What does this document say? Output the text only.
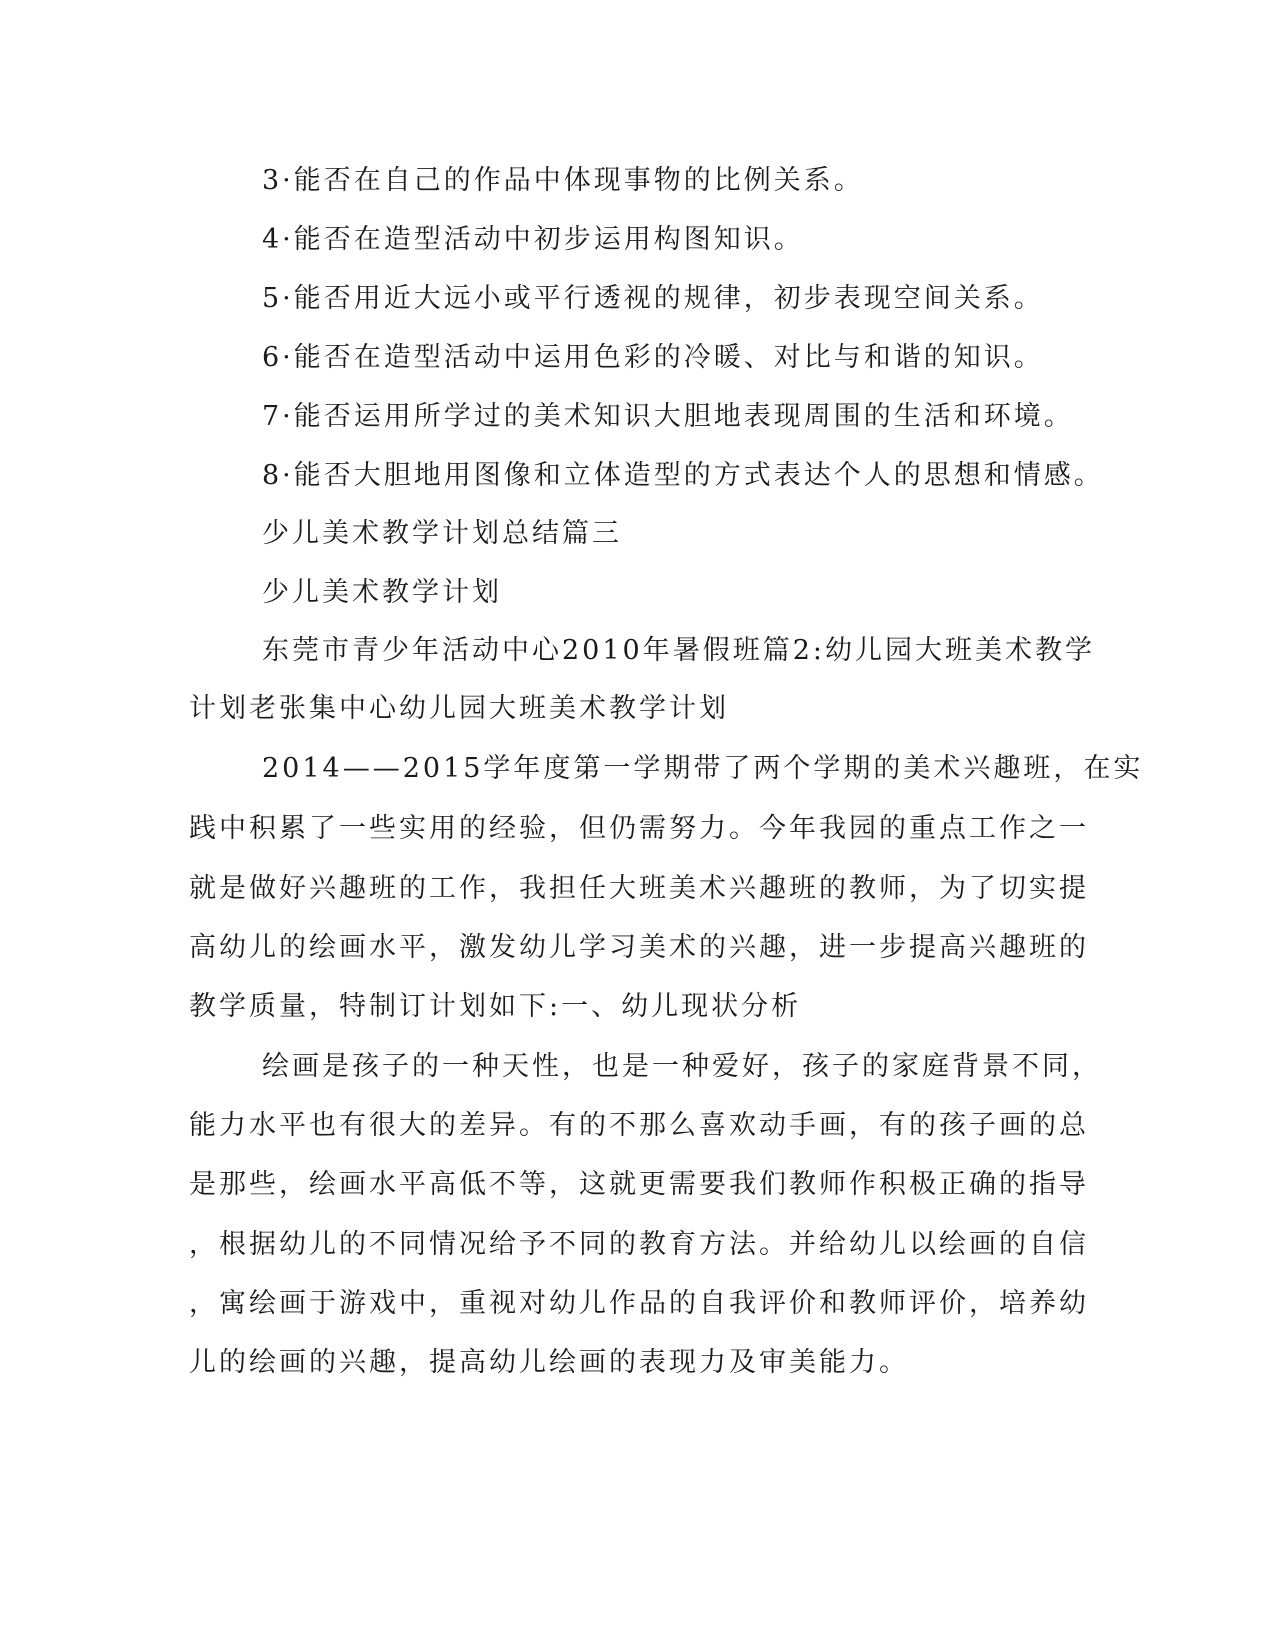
3·能否在自己的作品中体现事物的比例关系。
4·能否在造型活动中初步运用构图知识。
5·能否用近大远小或平行透视的规律，初步表现空间关系。
6·能否在造型活动中运用色彩的冷暖、对比与和谐的知识。
7·能否运用所学过的美术知识大胆地表现周围的生活和环境。
8·能否大胆地用图像和立体造型的方式表达个人的思想和情感。
少儿美术教学计划总结篇三
少儿美术教学计划
东莞市青少年活动中心2010年暑假班篇2:幼儿园大班美术教学
计划老张集中心幼儿园大班美术教学计划
2014——2015学年度第一学期带了两个学期的美术兴趣班，在实
践中积累了一些实用的经验，但仍需努力。今年我园的重点工作之一
就是做好兴趣班的工作，我担任大班美术兴趣班的教师，为了切实提
高幼儿的绘画水平，激发幼儿学习美术的兴趣，进一步提高兴趣班的
教学质量，特制订计划如下:一、幼儿现状分析
绘画是孩子的一种天性，也是一种爱好，孩子的家庭背景不同，
能力水平也有很大的差异。有的不那么喜欢动手画，有的孩子画的总
是那些，绘画水平高低不等，这就更需要我们教师作积极正确的指导
，根据幼儿的不同情况给予不同的教育方法。并给幼儿以绘画的自信
，寓绘画于游戏中，重视对幼儿作品的自我评价和教师评价，培养幼
儿的绘画的兴趣，提高幼儿绘画的表现力及审美能力。
